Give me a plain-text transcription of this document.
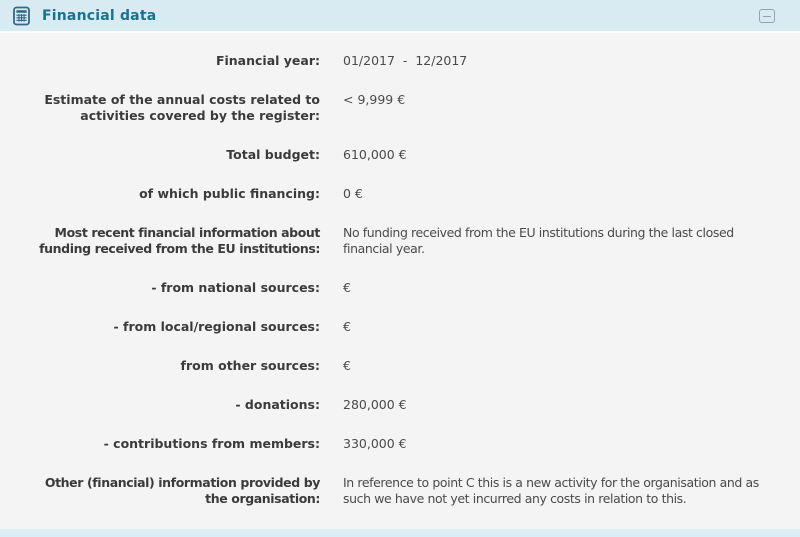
Financial data
Financial year: 01/2017  -  12/2017
Estimate of the annual costs related to activities covered by the register:
< 9,999 €
Total budget: 610,000 €
of which public financing: 0 €
Most recent financial information about funding received from the EU institutions:
No funding received from the EU institutions during the last closed financial year.
- from national sources: €
- from local/regional sources: €
from other sources: €
- donations: 280,000 €
- contributions from members: 330,000 €
Other (financial) information provided by the organisation:
In reference to point C this is a new activity for the organisation and as such we have not yet incurred any costs in relation to this.
